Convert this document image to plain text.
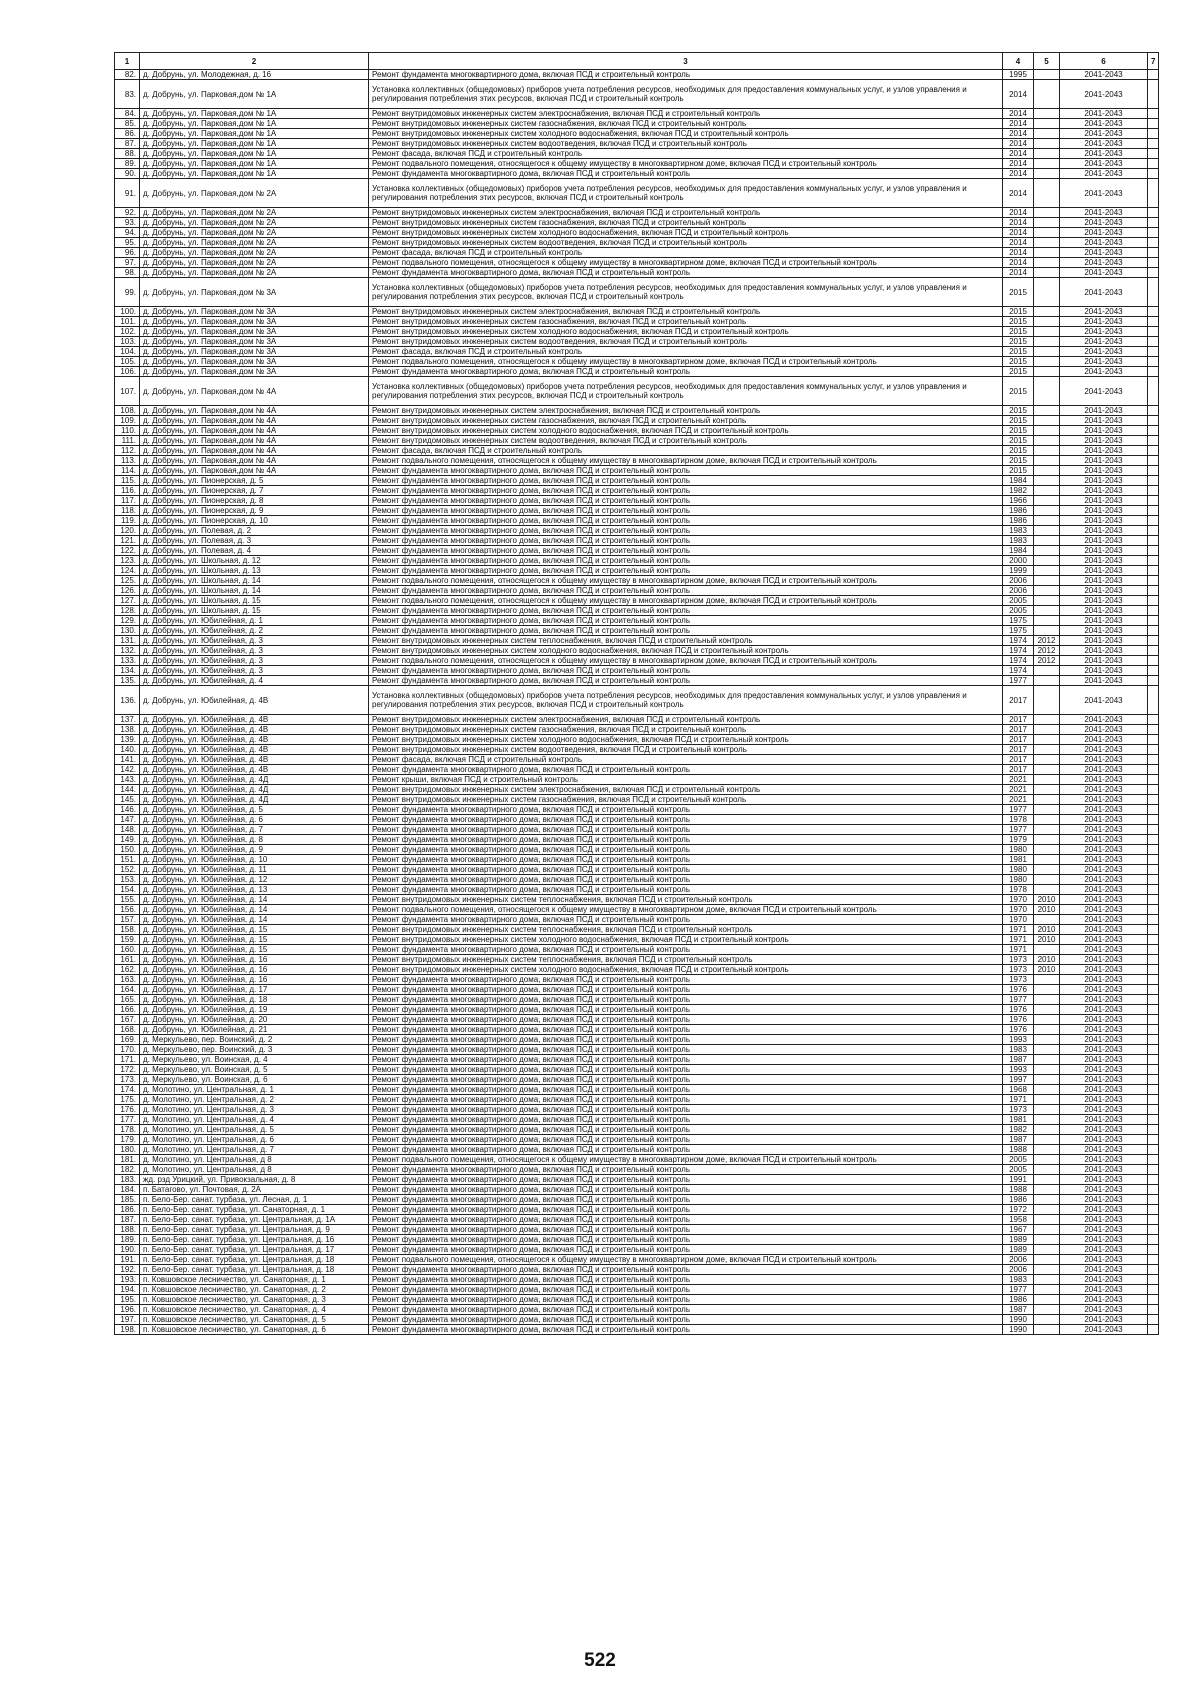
1	2	3	4	5	6	7
82.	д. Добрунь, ул. Молодежная, д. 16	Ремонт фундамента многоквартирного дома, включая ПСД и строительный контроль	1995		2041-2043	
83.	д. Добрунь, ул. Парковая,дом № 1А	Установка коллективных (общедомовых) приборов учета потребления ресурсов, необходимых для предоставления коммунальных услуг, и узлов управления и регулирования потребления этих ресурсов, включая ПСД и строительный контроль	2014		2041-2043	
84.	д. Добрунь, ул. Парковая,дом № 1А	Ремонт внутридомовых инженерных систем электроснабжения, включая ПСД и строительный контроль	2014		2041-2043	
85.	д. Добрунь, ул. Парковая,дом № 1А	Ремонт внутридомовых инженерных систем газоснабжения, включая ПСД и строительный контроль	2014		2041-2043	
86.	д. Добрунь, ул. Парковая,дом № 1А	Ремонт внутридомовых инженерных систем холодного водоснабжения, включая ПСД и строительный контроль	2014		2041-2043	
87.	д. Добрунь, ул. Парковая,дом № 1А	Ремонт внутридомовых инженерных систем водоотведения, включая ПСД и строительный контроль	2014		2041-2043	
88.	д. Добрунь, ул. Парковая,дом № 1А	Ремонт фасада, включая ПСД и строительный контроль	2014		2041-2043	
89.	д. Добрунь, ул. Парковая,дом № 1А	Ремонт подвального помещения, относящегося к общему имуществу в многоквартирном доме, включая ПСД и строительный контроль	2014		2041-2043	
90.	д. Добрунь, ул. Парковая,дом № 1А	Ремонт фундамента многоквартирного дома, включая ПСД и строительный контроль	2014		2041-2043	
91.	д. Добрунь, ул. Парковая,дом № 2А	Установка коллективных (общедомовых) приборов учета потребления ресурсов, необходимых для предоставления коммунальных услуг, и узлов управления и регулирования потребления этих ресурсов, включая ПСД и строительный контроль	2014		2041-2043	
92.	д. Добрунь, ул. Парковая,дом № 2А	Ремонт внутридомовых инженерных систем электроснабжения, включая ПСД и строительный контроль	2014		2041-2043	
93.	д. Добрунь, ул. Парковая,дом № 2А	Ремонт внутридомовых инженерных систем газоснабжения, включая ПСД и строительный контроль	2014		2041-2043	
94.	д. Добрунь, ул. Парковая,дом № 2А	Ремонт внутридомовых инженерных систем холодного водоснабжения, включая ПСД и строительный контроль	2014		2041-2043	
95.	д. Добрунь, ул. Парковая,дом № 2А	Ремонт внутридомовых инженерных систем водоотведения, включая ПСД и строительный контроль	2014		2041-2043	
96.	д. Добрунь, ул. Парковая,дом № 2А	Ремонт фасада, включая ПСД и строительный контроль	2014		2041-2043	
97.	д. Добрунь, ул. Парковая,дом № 2А	Ремонт подвального помещения, относящегося к общему имуществу в многоквартирном доме, включая ПСД и строительный контроль	2014		2041-2043	
98.	д. Добрунь, ул. Парковая,дом № 2А	Ремонт фундамента многоквартирного дома, включая ПСД и строительный контроль	2014		2041-2043	
99.	д. Добрунь, ул. Парковая,дом № 3А	Установка коллективных (общедомовых) приборов учета потребления ресурсов, необходимых для предоставления коммунальных услуг, и узлов управления и регулирования потребления этих ресурсов, включая ПСД и строительный контроль	2015		2041-2043	
100.	д. Добрунь, ул. Парковая,дом № 3А	Ремонт внутридомовых инженерных систем электроснабжения, включая ПСД и строительный контроль	2015		2041-2043	
101.	д. Добрунь, ул. Парковая,дом № 3А	Ремонт внутридомовых инженерных систем газоснабжения, включая ПСД и строительный контроль	2015		2041-2043	
102.	д. Добрунь, ул. Парковая,дом № 3А	Ремонт внутридомовых инженерных систем холодного водоснабжения, включая ПСД и строительный контроль	2015		2041-2043	
103.	д. Добрунь, ул. Парковая,дом № 3А	Ремонт внутридомовых инженерных систем водоотведения, включая ПСД и строительный контроль	2015		2041-2043	
104.	д. Добрунь, ул. Парковая,дом № 3А	Ремонт фасада, включая ПСД и строительный контроль	2015		2041-2043	
105.	д. Добрунь, ул. Парковая,дом № 3А	Ремонт подвального помещения, относящегося к общему имуществу в многоквартирном доме, включая ПСД и строительный контроль	2015		2041-2043	
106.	д. Добрунь, ул. Парковая,дом № 3А	Ремонт фундамента многоквартирного дома, включая ПСД и строительный контроль	2015		2041-2043	
107.	д. Добрунь, ул. Парковая,дом № 4А	Установка коллективных (общедомовых) приборов учета потребления ресурсов, необходимых для предоставления коммунальных услуг, и узлов управления и регулирования потребления этих ресурсов, включая ПСД и строительный контроль	2015		2041-2043	
108.	д. Добрунь, ул. Парковая,дом № 4А	Ремонт внутридомовых инженерных систем электроснабжения, включая ПСД и строительный контроль	2015		2041-2043	
109.	д. Добрунь, ул. Парковая,дом № 4А	Ремонт внутридомовых инженерных систем газоснабжения, включая ПСД и строительный контроль	2015		2041-2043	
110.	д. Добрунь, ул. Парковая,дом № 4А	Ремонт внутридомовых инженерных систем холодного водоснабжения, включая ПСД и строительный контроль	2015		2041-2043	
111.	д. Добрунь, ул. Парковая,дом № 4А	Ремонт внутридомовых инженерных систем водоотведения, включая ПСД и строительный контроль	2015		2041-2043	
112.	д. Добрунь, ул. Парковая,дом № 4А	Ремонт фасада, включая ПСД и строительный контроль	2015		2041-2043	
113.	д. Добрунь, ул. Парковая,дом № 4А	Ремонт подвального помещения, относящегося к общему имуществу в многоквартирном доме, включая ПСД и строительный контроль	2015		2041-2043	
114.	д. Добрунь, ул. Парковая,дом № 4А	Ремонт фундамента многоквартирного дома, включая ПСД и строительный контроль	2015		2041-2043	
115.	д. Добрунь, ул. Пионерская, д. 5	Ремонт фундамента многоквартирного дома, включая ПСД и строительный контроль	1984		2041-2043	
116.	д. Добрунь, ул. Пионерская, д. 7	Ремонт фундамента многоквартирного дома, включая ПСД и строительный контроль	1982		2041-2043	
117.	д. Добрунь, ул. Пионерская, д. 8	Ремонт фундамента многоквартирного дома, включая ПСД и строительный контроль	1966		2041-2043	
118.	д. Добрунь, ул. Пионерская, д. 9	Ремонт фундамента многоквартирного дома, включая ПСД и строительный контроль	1986		2041-2043	
119.	д. Добрунь, ул. Пионерская, д. 10	Ремонт фундамента многоквартирного дома, включая ПСД и строительный контроль	1986		2041-2043	
120.	д. Добрунь, ул. Полевая, д. 2	Ремонт фундамента многоквартирного дома, включая ПСД и строительный контроль	1983		2041-2043	
121.	д. Добрунь, ул. Полевая, д. 3	Ремонт фундамента многоквартирного дома, включая ПСД и строительный контроль	1983		2041-2043	
122.	д. Добрунь, ул. Полевая, д. 4	Ремонт фундамента многоквартирного дома, включая ПСД и строительный контроль	1984		2041-2043	
123.	д. Добрунь, ул. Школьная, д. 12	Ремонт фундамента многоквартирного дома, включая ПСД и строительный контроль	2000		2041-2043	
124.	д. Добрунь, ул. Школьная, д. 13	Ремонт фундамента многоквартирного дома, включая ПСД и строительный контроль	1999		2041-2043	
125.	д. Добрунь, ул. Школьная, д. 14	Ремонт подвального помещения, относящегося к общему имуществу в многоквартирном доме, включая ПСД и строительный контроль	2006		2041-2043	
126.	д. Добрунь, ул. Школьная, д. 14	Ремонт фундамента многоквартирного дома, включая ПСД и строительный контроль	2006		2041-2043	
127.	д. Добрунь, ул. Школьная, д. 15	Ремонт подвального помещения, относящегося к общему имуществу в многоквартирном доме, включая ПСД и строительный контроль	2005		2041-2043	
128.	д. Добрунь, ул. Школьная, д. 15	Ремонт фундамента многоквартирного дома, включая ПСД и строительный контроль	2005		2041-2043	
129.	д. Добрунь, ул. Юбилейная, д. 1	Ремонт фундамента многоквартирного дома, включая ПСД и строительный контроль	1975		2041-2043	
130.	д. Добрунь, ул. Юбилейная, д. 2	Ремонт фундамента многоквартирного дома, включая ПСД и строительный контроль	1975		2041-2043	
131.	д. Добрунь, ул. Юбилейная, д. 3	Ремонт внутридомовых инженерных систем теплоснабжения, включая ПСД и строительный контроль	1974	2012	2041-2043	
132.	д. Добрунь, ул. Юбилейная, д. 3	Ремонт внутридомовых инженерных систем холодного водоснабжения, включая ПСД и строительный контроль	1974	2012	2041-2043	
133.	д. Добрунь, ул. Юбилейная, д. 3	Ремонт подвального помещения, относящегося к общему имуществу в многоквартирном доме, включая ПСД и строительный контроль	1974	2012	2041-2043	
134.	д. Добрунь, ул. Юбилейная, д. 3	Ремонт фундамента многоквартирного дома, включая ПСД и строительный контроль	1974		2041-2043	
135.	д. Добрунь, ул. Юбилейная, д. 4	Ремонт фундамента многоквартирного дома, включая ПСД и строительный контроль	1977		2041-2043	
136.	д. Добрунь, ул. Юбилейная, д. 4В	Установка коллективных (общедомовых) приборов учета потребления ресурсов, необходимых для предоставления коммунальных услуг, и узлов управления и регулирования потребления этих ресурсов, включая ПСД и строительный контроль	2017		2041-2043	
137.	д. Добрунь, ул. Юбилейная, д. 4В	Ремонт внутридомовых инженерных систем электроснабжения, включая ПСД и строительный контроль	2017		2041-2043	
138.	д. Добрунь, ул. Юбилейная, д. 4В	Ремонт внутридомовых инженерных систем газоснабжения, включая ПСД и строительный контроль	2017		2041-2043	
139.	д. Добрунь, ул. Юбилейная, д. 4В	Ремонт внутридомовых инженерных систем холодного водоснабжения, включая ПСД и строительный контроль	2017		2041-2043	
140.	д. Добрунь, ул. Юбилейная, д. 4В	Ремонт внутридомовых инженерных систем водоотведения, включая ПСД и строительный контроль	2017		2041-2043	
141.	д. Добрунь, ул. Юбилейная, д. 4В	Ремонт фасада, включая ПСД и строительный контроль	2017		2041-2043	
142.	д. Добрунь, ул. Юбилейная, д. 4В	Ремонт фундамента многоквартирного дома, включая ПСД и строительный контроль	2017		2041-2043	
143.	д. Добрунь, ул. Юбилейная, д. 4Д	Ремонт крыши, включая ПСД и строительный контроль	2021		2041-2043	
144.	д. Добрунь, ул. Юбилейная, д. 4Д	Ремонт внутридомовых инженерных систем электроснабжения, включая ПСД и строительный контроль	2021		2041-2043	
145.	д. Добрунь, ул. Юбилейная, д. 4Д	Ремонт внутридомовых инженерных систем газоснабжения, включая ПСД и строительный контроль	2021		2041-2043	
146.	д. Добрунь, ул. Юбилейная, д. 5	Ремонт фундамента многоквартирного дома, включая ПСД и строительный контроль	1977		2041-2043	
147.	д. Добрунь, ул. Юбилейная, д. 6	Ремонт фундамента многоквартирного дома, включая ПСД и строительный контроль	1978		2041-2043	
148.	д. Добрунь, ул. Юбилейная, д. 7	Ремонт фундамента многоквартирного дома, включая ПСД и строительный контроль	1977		2041-2043	
149.	д. Добрунь, ул. Юбилейная, д. 8	Ремонт фундамента многоквартирного дома, включая ПСД и строительный контроль	1979		2041-2043	
150.	д. Добрунь, ул. Юбилейная, д. 9	Ремонт фундамента многоквартирного дома, включая ПСД и строительный контроль	1980		2041-2043	
151.	д. Добрунь, ул. Юбилейная, д. 10	Ремонт фундамента многоквартирного дома, включая ПСД и строительный контроль	1981		2041-2043	
152.	д. Добрунь, ул. Юбилейная, д. 11	Ремонт фундамента многоквартирного дома, включая ПСД и строительный контроль	1980		2041-2043	
153.	д. Добрунь, ул. Юбилейная, д. 12	Ремонт фундамента многоквартирного дома, включая ПСД и строительный контроль	1980		2041-2043	
154.	д. Добрунь, ул. Юбилейная, д. 13	Ремонт фундамента многоквартирного дома, включая ПСД и строительный контроль	1978		2041-2043	
155.	д. Добрунь, ул. Юбилейная, д. 14	Ремонт внутридомовых инженерных систем теплоснабжения, включая ПСД и строительный контроль	1970	2010	2041-2043	
156.	д. Добрунь, ул. Юбилейная, д. 14	Ремонт подвального помещения, относящегося к общему имуществу в многоквартирном доме, включая ПСД и строительный контроль	1970	2010	2041-2043	
157.	д. Добрунь, ул. Юбилейная, д. 14	Ремонт фундамента многоквартирного дома, включая ПСД и строительный контроль	1970		2041-2043	
158.	д. Добрунь, ул. Юбилейная, д. 15	Ремонт внутридомовых инженерных систем теплоснабжения, включая ПСД и строительный контроль	1971	2010	2041-2043	
159.	д. Добрунь, ул. Юбилейная, д. 15	Ремонт внутридомовых инженерных систем холодного водоснабжения, включая ПСД и строительный контроль	1971	2010	2041-2043	
160.	д. Добрунь, ул. Юбилейная, д. 15	Ремонт фундамента многоквартирного дома, включая ПСД и строительный контроль	1971		2041-2043	
161.	д. Добрунь, ул. Юбилейная, д. 16	Ремонт внутридомовых инженерных систем теплоснабжения, включая ПСД и строительный контроль	1973	2010	2041-2043	
162.	д. Добрунь, ул. Юбилейная, д. 16	Ремонт внутридомовых инженерных систем холодного водоснабжения, включая ПСД и строительный контроль	1973	2010	2041-2043	
163.	д. Добрунь, ул. Юбилейная, д. 16	Ремонт фундамента многоквартирного дома, включая ПСД и строительный контроль	1973		2041-2043	
164.	д. Добрунь, ул. Юбилейная, д. 17	Ремонт фундамента многоквартирного дома, включая ПСД и строительный контроль	1976		2041-2043	
165.	д. Добрунь, ул. Юбилейная, д. 18	Ремонт фундамента многоквартирного дома, включая ПСД и строительный контроль	1977		2041-2043	
166.	д. Добрунь, ул. Юбилейная, д. 19	Ремонт фундамента многоквартирного дома, включая ПСД и строительный контроль	1976		2041-2043	
167.	д. Добрунь, ул. Юбилейная, д. 20	Ремонт фундамента многоквартирного дома, включая ПСД и строительный контроль	1976		2041-2043	
168.	д. Добрунь, ул. Юбилейная, д. 21	Ремонт фундамента многоквартирного дома, включая ПСД и строительный контроль	1976		2041-2043	
169.	д. Меркульево, пер. Воинский, д. 2	Ремонт фундамента многоквартирного дома, включая ПСД и строительный контроль	1993		2041-2043	
170.	д. Меркульево, пер. Воинский, д. 3	Ремонт фундамента многоквартирного дома, включая ПСД и строительный контроль	1983		2041-2043	
171.	д. Меркульево, ул. Воинская, д. 4	Ремонт фундамента многоквартирного дома, включая ПСД и строительный контроль	1987		2041-2043	
172.	д. Меркульево, ул. Воинская, д. 5	Ремонт фундамента многоквартирного дома, включая ПСД и строительный контроль	1993		2041-2043	
173.	д. Меркульево, ул. Воинская, д. 6	Ремонт фундамента многоквартирного дома, включая ПСД и строительный контроль	1997		2041-2043	
174.	д. Молотино, ул. Центральная, д. 1	Ремонт фундамента многоквартирного дома, включая ПСД и строительный контроль	1968		2041-2043	
175.	д. Молотино, ул. Центральная, д. 2	Ремонт фундамента многоквартирного дома, включая ПСД и строительный контроль	1971		2041-2043	
176.	д. Молотино, ул. Центральная, д. 3	Ремонт фундамента многоквартирного дома, включая ПСД и строительный контроль	1973		2041-2043	
177.	д. Молотино, ул. Центральная, д. 4	Ремонт фундамента многоквартирного дома, включая ПСД и строительный контроль	1981		2041-2043	
178.	д. Молотино, ул. Центральная, д. 5	Ремонт фундамента многоквартирного дома, включая ПСД и строительный контроль	1982		2041-2043	
179.	д. Молотино, ул. Центральная, д. 6	Ремонт фундамента многоквартирного дома, включая ПСД и строительный контроль	1987		2041-2043	
180.	д. Молотино, ул. Центральная, д. 7	Ремонт фундамента многоквартирного дома, включая ПСД и строительный контроль	1988		2041-2043	
181.	д. Молотино, ул. Центральная, д 8	Ремонт подвального помещения, относящегося к общему имуществу в многоквартирном доме, включая ПСД и строительный контроль	2005		2041-2043	
182.	д. Молотино, ул. Центральная, д 8	Ремонт фундамента многоквартирного дома, включая ПСД и строительный контроль	2005		2041-2043	
183.	жд. рзд Урицкий, ул. Привокзальная, д. 8	Ремонт фундамента многоквартирного дома, включая ПСД и строительный контроль	1991		2041-2043	
184.	п. Батагово, ул. Почтовая, д. 2А	Ремонт фундамента многоквартирного дома, включая ПСД и строительный контроль	1988		2041-2043	
185.	п. Бело-Бер. санат. турбаза, ул. Лесная, д. 1	Ремонт фундамента многоквартирного дома, включая ПСД и строительный контроль	1986		2041-2043	
186.	п. Бело-Бер. санат. турбаза, ул. Санаторная, д. 1	Ремонт фундамента многоквартирного дома, включая ПСД и строительный контроль	1972		2041-2043	
187.	п. Бело-Бер. санат. турбаза, ул. Центральная, д. 1А	Ремонт фундамента многоквартирного дома, включая ПСД и строительный контроль	1958		2041-2043	
188.	п. Бело-Бер. санат. турбаза, ул. Центральная, д. 9	Ремонт фундамента многоквартирного дома, включая ПСД и строительный контроль	1967		2041-2043	
189.	п. Бело-Бер. санат. турбаза, ул. Центральная, д. 16	Ремонт фундамента многоквартирного дома, включая ПСД и строительный контроль	1989		2041-2043	
190.	п. Бело-Бер. санат. турбаза, ул. Центральная, д. 17	Ремонт фундамента многоквартирного дома, включая ПСД и строительный контроль	1989		2041-2043	
191.	п. Бело-Бер. санат. турбаза, ул. Центральная, д. 18	Ремонт подвального помещения, относящегося к общему имуществу в многоквартирном доме, включая ПСД и строительный контроль	2006		2041-2043	
192.	п. Бело-Бер. санат. турбаза, ул. Центральная, д. 18	Ремонт фундамента многоквартирного дома, включая ПСД и строительный контроль	2006		2041-2043	
193.	п. Ковшовское лесничество, ул. Санаторная, д. 1	Ремонт фундамента многоквартирного дома, включая ПСД и строительный контроль	1983		2041-2043	
194.	п. Ковшовское лесничество, ул. Санаторная, д. 2	Ремонт фундамента многоквартирного дома, включая ПСД и строительный контроль	1977		2041-2043	
195.	п. Ковшовское лесничество, ул. Санаторная, д. 3	Ремонт фундамента многоквартирного дома, включая ПСД и строительный контроль	1986		2041-2043	
196.	п. Ковшовское лесничество, ул. Санаторная, д. 4	Ремонт фундамента многоквартирного дома, включая ПСД и строительный контроль	1987		2041-2043	
197.	п. Ковшовское лесничество, ул. Санаторная, д. 5	Ремонт фундамента многоквартирного дома, включая ПСД и строительный контроль	1990		2041-2043	
198.	п. Ковшовское лесничество, ул. Санаторная, д. 6	Ремонт фундамента многоквартирного дома, включая ПСД и строительный контроль	1990		2041-2043	
522
